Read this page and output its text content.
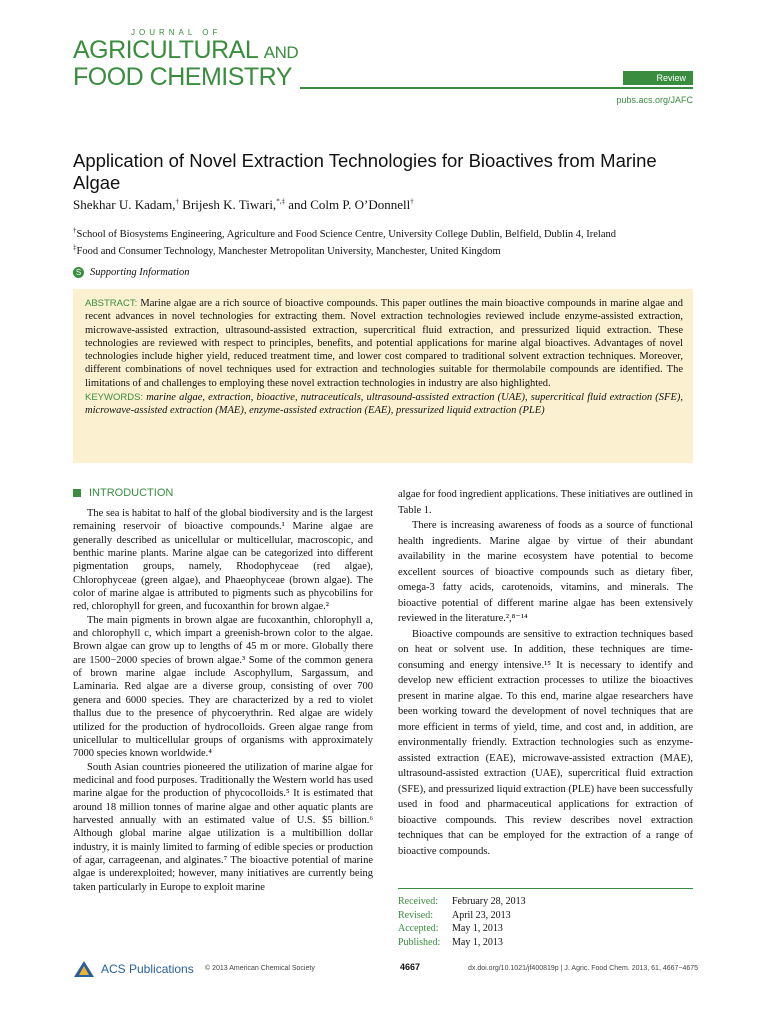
JOURNAL OF
AGRICULTURAL AND
FOOD CHEMISTRY	Review
pubs.acs.org/JAFC
Application of Novel Extraction Technologies for Bioactives from Marine Algae
Shekhar U. Kadam,† Brijesh K. Tiwari,*,‡ and Colm P. O’Donnell†
†School of Biosystems Engineering, Agriculture and Food Science Centre, University College Dublin, Belfield, Dublin 4, Ireland
‡Food and Consumer Technology, Manchester Metropolitan University, Manchester, United Kingdom
S Supporting Information
ABSTRACT: Marine algae are a rich source of bioactive compounds. This paper outlines the main bioactive compounds in marine algae and recent advances in novel technologies for extracting them. Novel extraction technologies reviewed include enzyme-assisted extraction, microwave-assisted extraction, ultrasound-assisted extraction, supercritical fluid extraction, and pressurized liquid extraction. These technologies are reviewed with respect to principles, benefits, and potential applications for marine algal bioactives. Advantages of novel technologies include higher yield, reduced treatment time, and lower cost compared to traditional solvent extraction techniques. Moreover, different combinations of novel techniques used for extraction and technologies suitable for thermolabile compounds are identified. The limitations of and challenges to employing these novel extraction technologies in industry are also highlighted.
KEYWORDS: marine algae, extraction, bioactive, nutraceuticals, ultrasound-assisted extraction (UAE), supercritical fluid extraction (SFE), microwave-assisted extraction (MAE), enzyme-assisted extraction (EAE), pressurized liquid extraction (PLE)
INTRODUCTION

The sea is habitat to half of the global biodiversity and is the largest remaining reservoir of bioactive compounds.¹ Marine algae are generally described as unicellular or multicellular, macroscopic, and benthic marine plants. Marine algae can be categorized into different pigmentation groups, namely, Rhodophyceae (red algae), Chlorophyceae (green algae), and Phaeophyceae (brown algae). The color of marine algae is attributed to pigments such as phycobilins for red, chlorophyll for green, and fucoxanthin for brown algae.²

The main pigments in brown algae are fucoxanthin, chlorophyll a, and chlorophyll c, which impart a greenish-brown color to the algae. Brown algae can grow up to lengths of 45 m or more. Globally there are 1500−2000 species of brown algae.³ Some of the common genera of brown marine algae include Ascophyllum, Sargassum, and Laminaria. Red algae are a diverse group, consisting of over 700 genera and 6000 species. They are characterized by a red to violet thallus due to the presence of phycoerythrin. Red algae are widely utilized for the production of hydrocolloids. Green algae range from unicellular to multicellular groups of organisms with approximately 7000 species known worldwide.⁴

South Asian countries pioneered the utilization of marine algae for medicinal and food purposes. Traditionally the Western world has used marine algae for the production of phycocolloids.⁵ It is estimated that around 18 million tonnes of marine algae and other aquatic plants are harvested annually with an estimated value of U.S. $5 billion.⁶ Although global marine algae utilization is a multibillion dollar industry, it is mainly limited to farming of edible species or production of agar, carrageenan, and alginates.⁷ The bioactive potential of marine algae is underexploited; however, many initiatives are currently being taken particularly in Europe to exploit marine

algae for food ingredient applications. These initiatives are outlined in Table 1.

There is increasing awareness of foods as a source of functional health ingredients. Marine algae by virtue of their abundant availability in the marine ecosystem have potential to become excellent sources of bioactive compounds such as dietary fiber, omega-3 fatty acids, carotenoids, vitamins, and minerals. The bioactive potential of different marine algae has been extensively reviewed in the literature.²,⁸⁻¹⁴

Bioactive compounds are sensitive to extraction techniques based on heat or solvent use. In addition, these techniques are time-consuming and energy intensive.¹⁵ It is necessary to identify and develop new efficient extraction processes to utilize the bioactives present in marine algae. To this end, marine algae researchers have been working toward the development of novel techniques that are more efficient in terms of yield, time, and cost and, in addition, are environmentally friendly. Extraction technologies such as enzyme-assisted extraction (EAE), microwave-assisted extraction (MAE), ultrasound-assisted extraction (UAE), supercritical fluid extraction (SFE), and pressurized liquid extraction (PLE) have been successfully used in food and pharmaceutical applications for extraction of bioactive compounds. This review describes novel extraction techniques that can be employed for the extraction of a range of bioactive compounds.

Received: February 28, 2013
Revised: April 23, 2013
Accepted: May 1, 2013
Published: May 1, 2013
ACS Publications © 2013 American Chemical Society	4667	dx.doi.org/10.1021/jf400819p | J. Agric. Food Chem. 2013, 61, 4667−4675
